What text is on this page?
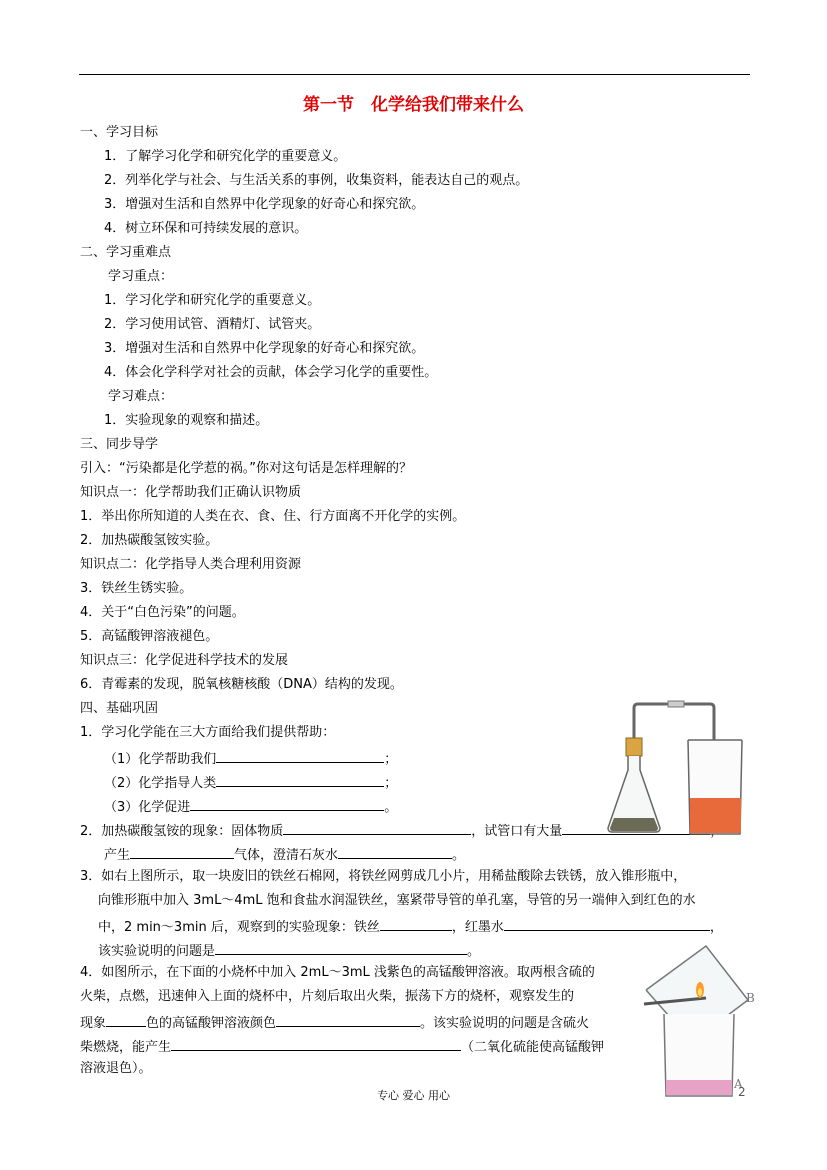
第一节　化学给我们带来什么
一、学习目标
1．了解学习化学和研究化学的重要意义。
2．列举化学与社会、与生活关系的事例，收集资料，能表达自己的观点。
3．增强对生活和自然界中化学现象的好奇心和探究欲。
4．树立环保和可持续发展的意识。
二、学习重难点
学习重点：
1．学习化学和研究化学的重要意义。
2．学习使用试管、酒精灯、试管夹。
3．增强对生活和自然界中化学现象的好奇心和探究欲。
4．体会化学科学对社会的贡献，体会学习化学的重要性。
学习难点：
1．实验现象的观察和描述。
三、同步导学
引入：“污染都是化学惹的祸。”你对这句话是怎样理解的？
知识点一：化学帮助我们正确认识物质
1．举出你所知道的人类在衣、食、住、行方面离不开化学的实例。
2．加热碳酸氢铵实验。
知识点二：化学指导人类合理利用资源
3．铁丝生锈实验。
4．关于“白色污染”的问题。
5．高锰酸钾溶液褪色。
知识点三：化学促进科学技术的发展
6．青霉素的发现，脱氧核糖核酸（DNA）结构的发现。
四、基础巩固
1．学习化学能在三大方面给我们提供帮助：
（1）化学帮助我们	；
（2）化学指导人类	；
（3）化学促进	。
2．加热碳酸氢铵的现象：固体物质	，试管口有大量
产生	气体，澄清石灰水	。
3．如右上图所示，取一块废旧的铁丝石棉网，将铁丝网剪成几小片，用稀盐酸除去铁锈，放入锥形瓶中，
向锥形瓶中加入 3mL～4mL 饱和食盐水润湿铁丝，塞紧带导管的单孔塞，导管的另一端伸入到红色的水
中，2 min～3min 后，观察到的实验现象：铁丝	，红墨水	，
该实验说明的问题是	。
4．如图所示，在下面的小烧杯中加入 2mL～3mL 浅紫色的高锰酸钾溶液。取两根含硫的
火柴，点燃，迅速伸入上面的烧杯中，片刻后取出火柴，振荡下方的烧杯，观察发生的
现象	色的高锰酸钾溶液颜色	。该实验说明的问题是含硫火
柴燃烧，能产生	（二氧化硫能使高锰酸钾
溶液退色）。
B
A
专心 爱心 用心	2
